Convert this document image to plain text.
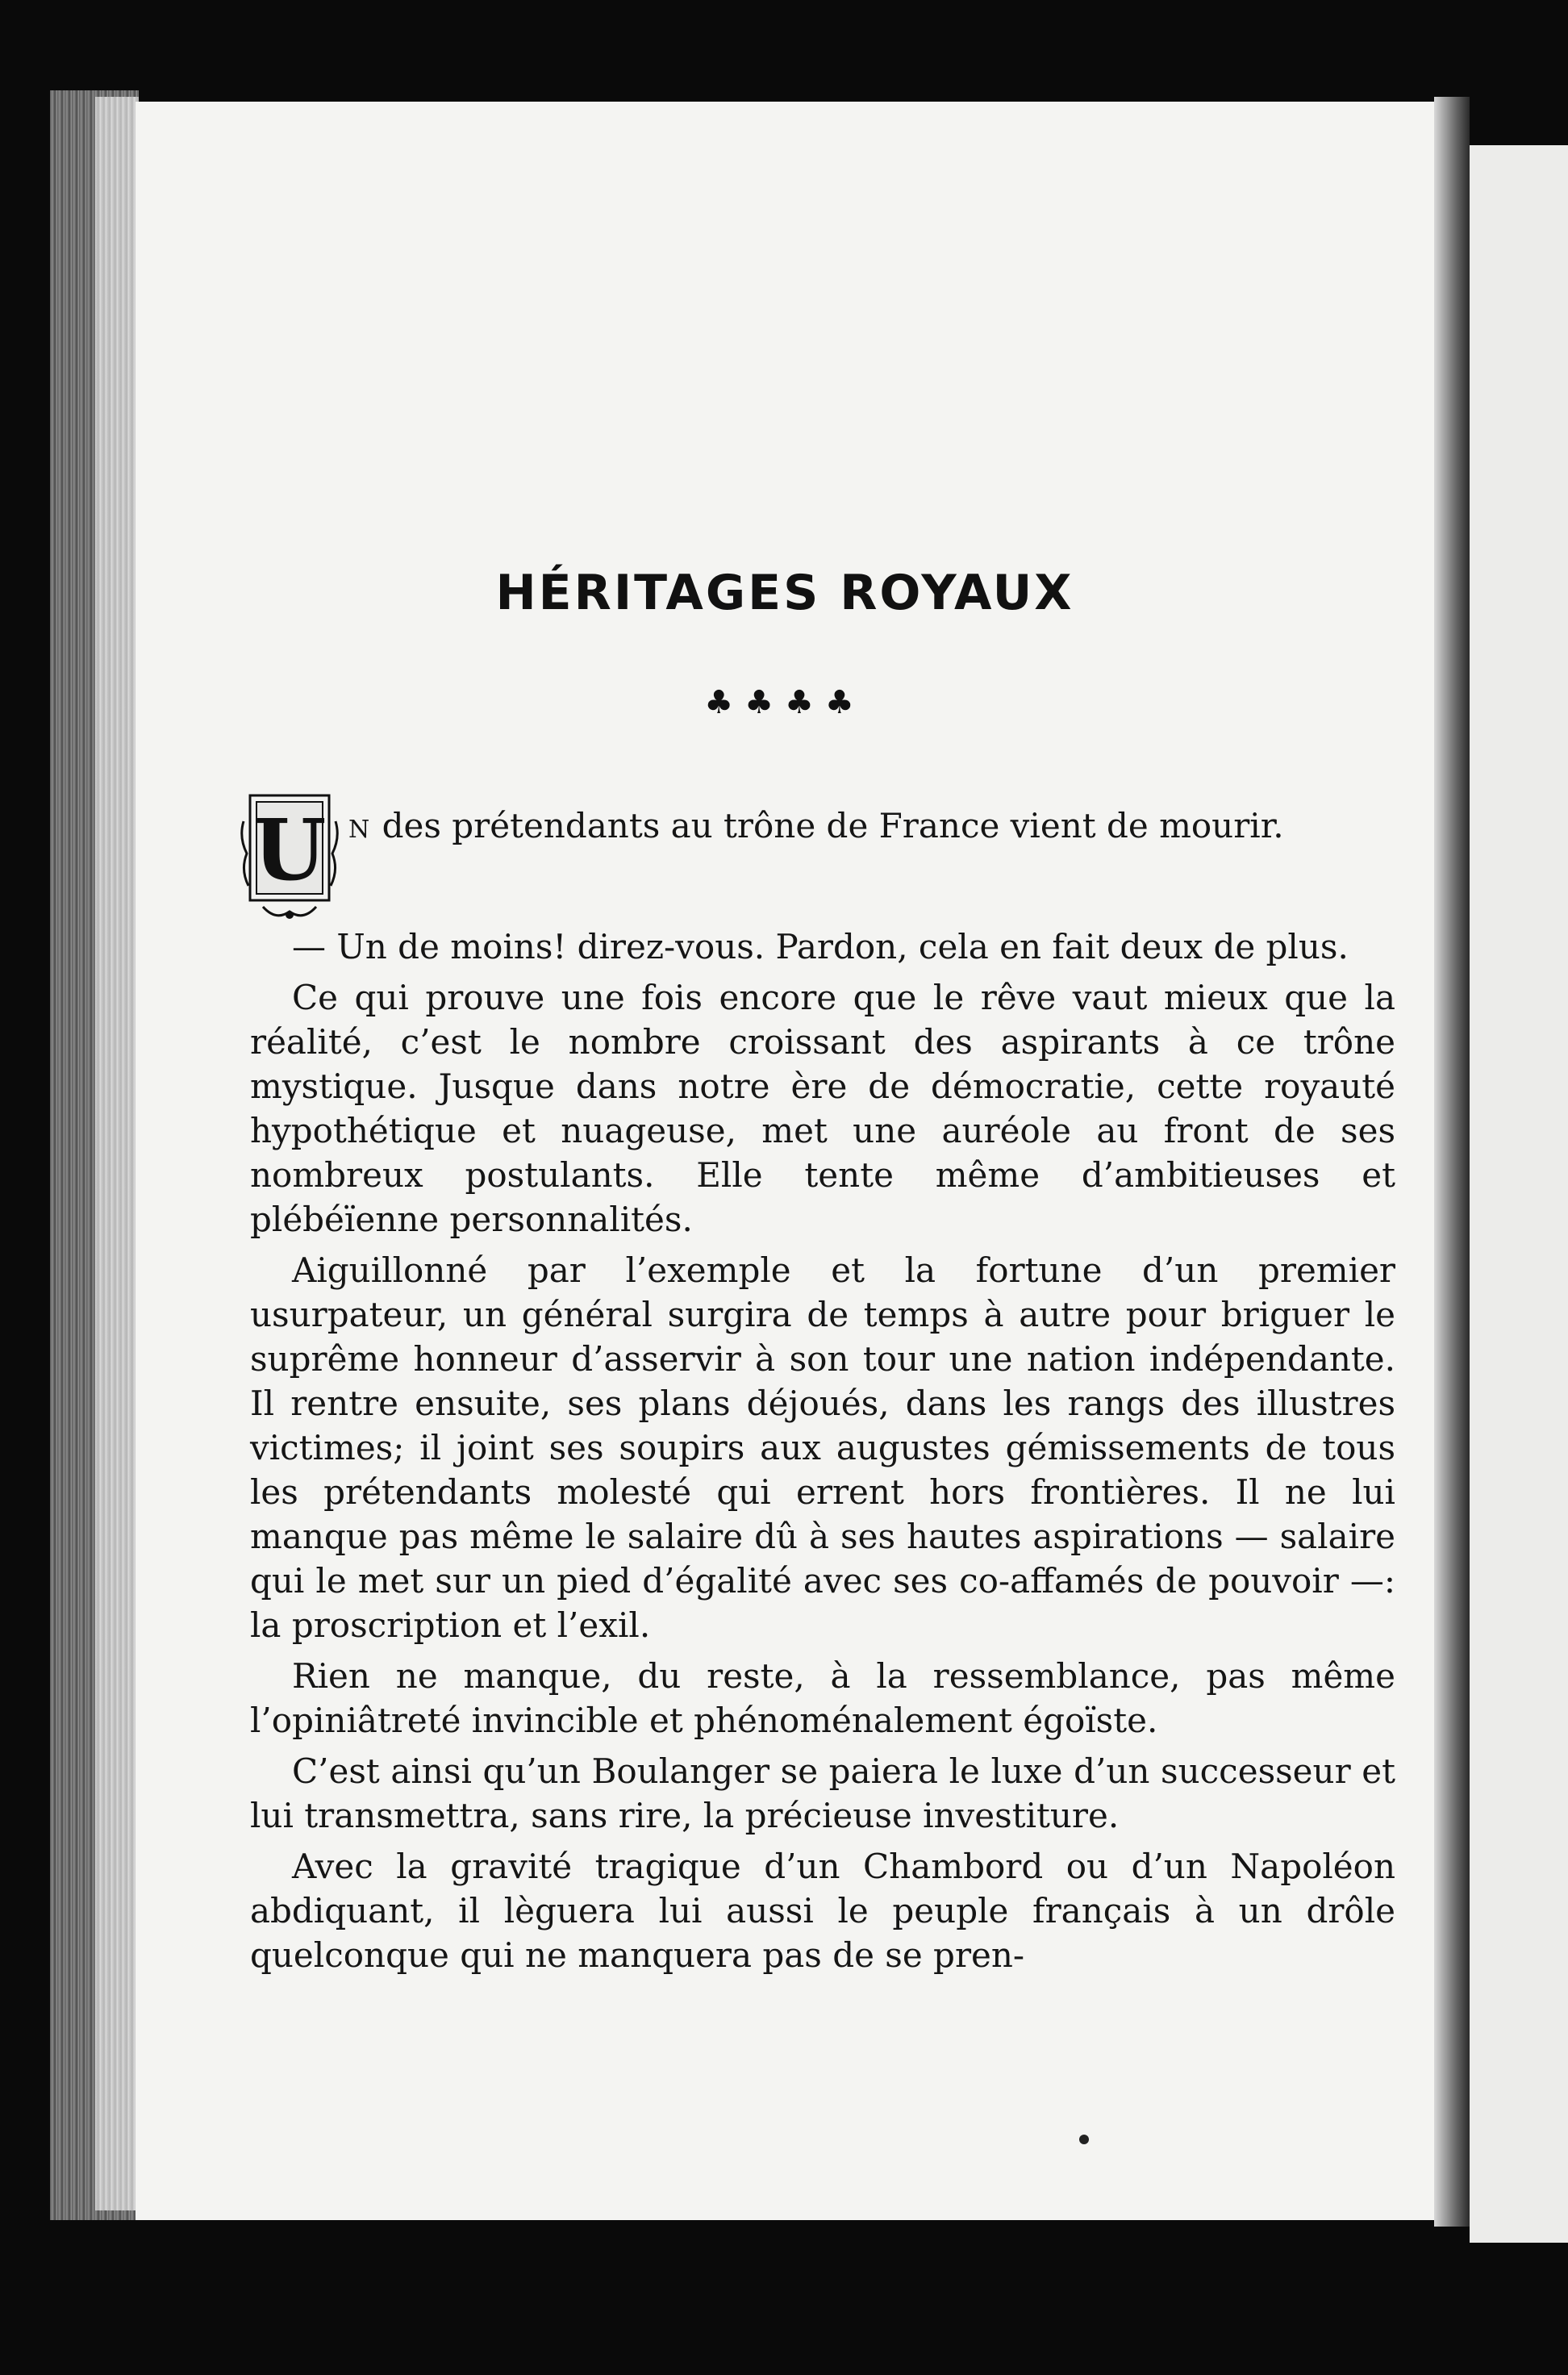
HÉRITAGES ROYAUX
♣♣♣♣

U N des prétendants au trône de France vient de mourir.

— Un de moins! direz-vous. Pardon, cela en fait deux de plus.

Ce qui prouve une fois encore que le rêve vaut mieux que la réalité, c’est le nombre croissant des aspirants à ce trône mystique. Jusque dans notre ère de démocratie, cette royauté hypothétique et nuageuse, met une auréole au front de ses nombreux postulants. Elle tente même d’ambitieuses et plébéïenne personnalités.

Aiguillonné par l’exemple et la fortune d’un premier usurpateur, un général surgira de temps à autre pour briguer le suprême honneur d’asservir à son tour une nation indépendante. Il rentre ensuite, ses plans déjoués, dans les rangs des illustres victimes; il joint ses soupirs aux augustes gémissements de tous les prétendants molesté qui errent hors frontières. Il ne lui manque pas même le salaire dû à ses hautes aspirations — salaire qui le met sur un pied d’égalité avec ses co-affamés de pouvoir —: la proscription et l’exil.

Rien ne manque, du reste, à la ressemblance, pas même l’opiniâtreté invincible et phénoménalement égoïste.

C’est ainsi qu’un Boulanger se paiera le luxe d’un successeur et lui transmettra, sans rire, la précieuse investiture.

Avec la gravité tragique d’un Chambord ou d’un Napoléon abdiquant, il lèguera lui aussi le peuple français à un drôle quelconque qui ne manquera pas de se pren-
